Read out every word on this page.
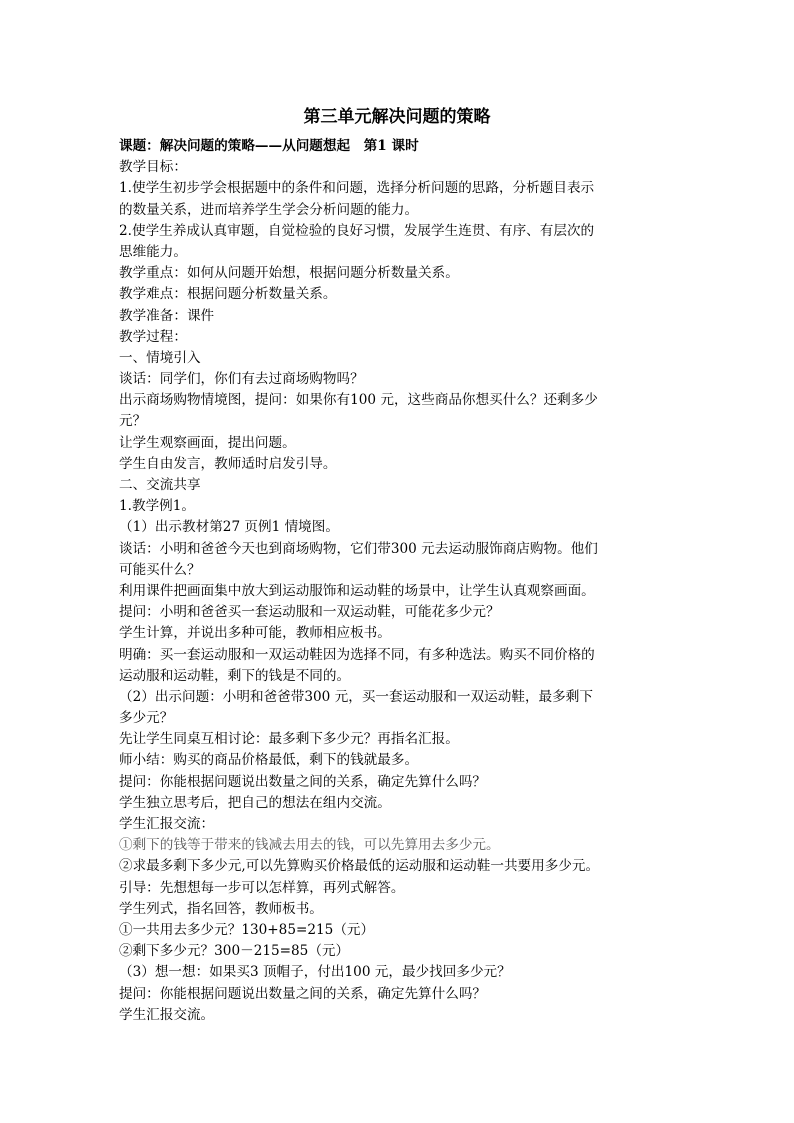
第三单元解决问题的策略
课题：解决问题的策略——从问题想起　第1 课时
教学目标：
1.使学生初步学会根据题中的条件和问题，选择分析问题的思路，分析题目表示
的数量关系，进而培养学生学会分析问题的能力。
2.使学生养成认真审题，自觉检验的良好习惯，发展学生连贯、有序、有层次的
思维能力。
教学重点：如何从问题开始想，根据问题分析数量关系。
教学难点：根据问题分析数量关系。
教学准备：课件
教学过程：
一、情境引入
谈话：同学们，你们有去过商场购物吗？
出示商场购物情境图，提问：如果你有100 元，这些商品你想买什么？还剩多少
元？
让学生观察画面，提出问题。
学生自由发言，教师适时启发引导。
二、交流共享
1.教学例1。
（1）出示教材第27 页例1 情境图。
谈话：小明和爸爸今天也到商场购物，它们带300 元去运动服饰商店购物。他们
可能买什么？
利用课件把画面集中放大到运动服饰和运动鞋的场景中，让学生认真观察画面。
提问：小明和爸爸买一套运动服和一双运动鞋，可能花多少元？
学生计算，并说出多种可能，教师相应板书。
明确：买一套运动服和一双运动鞋因为选择不同，有多种选法。购买不同价格的
运动服和运动鞋，剩下的钱是不同的。
（2）出示问题：小明和爸爸带300 元，买一套运动服和一双运动鞋，最多剩下
多少元？
先让学生同桌互相讨论：最多剩下多少元？再指名汇报。
师小结：购买的商品价格最低，剩下的钱就最多。
提问：你能根据问题说出数量之间的关系，确定先算什么吗？
学生独立思考后，把自己的想法在组内交流。
学生汇报交流：
①剩下的钱等于带来的钱减去用去的钱，可以先算用去多少元。
②求最多剩下多少元,可以先算购买价格最低的运动服和运动鞋一共要用多少元。
引导：先想想每一步可以怎样算，再列式解答。
学生列式，指名回答，教师板书。
①一共用去多少元？130+85=215（元）
②剩下多少元？300－215=85（元）
（3）想一想：如果买3 顶帽子，付出100 元，最少找回多少元？
提问：你能根据问题说出数量之间的关系，确定先算什么吗？
学生汇报交流。
